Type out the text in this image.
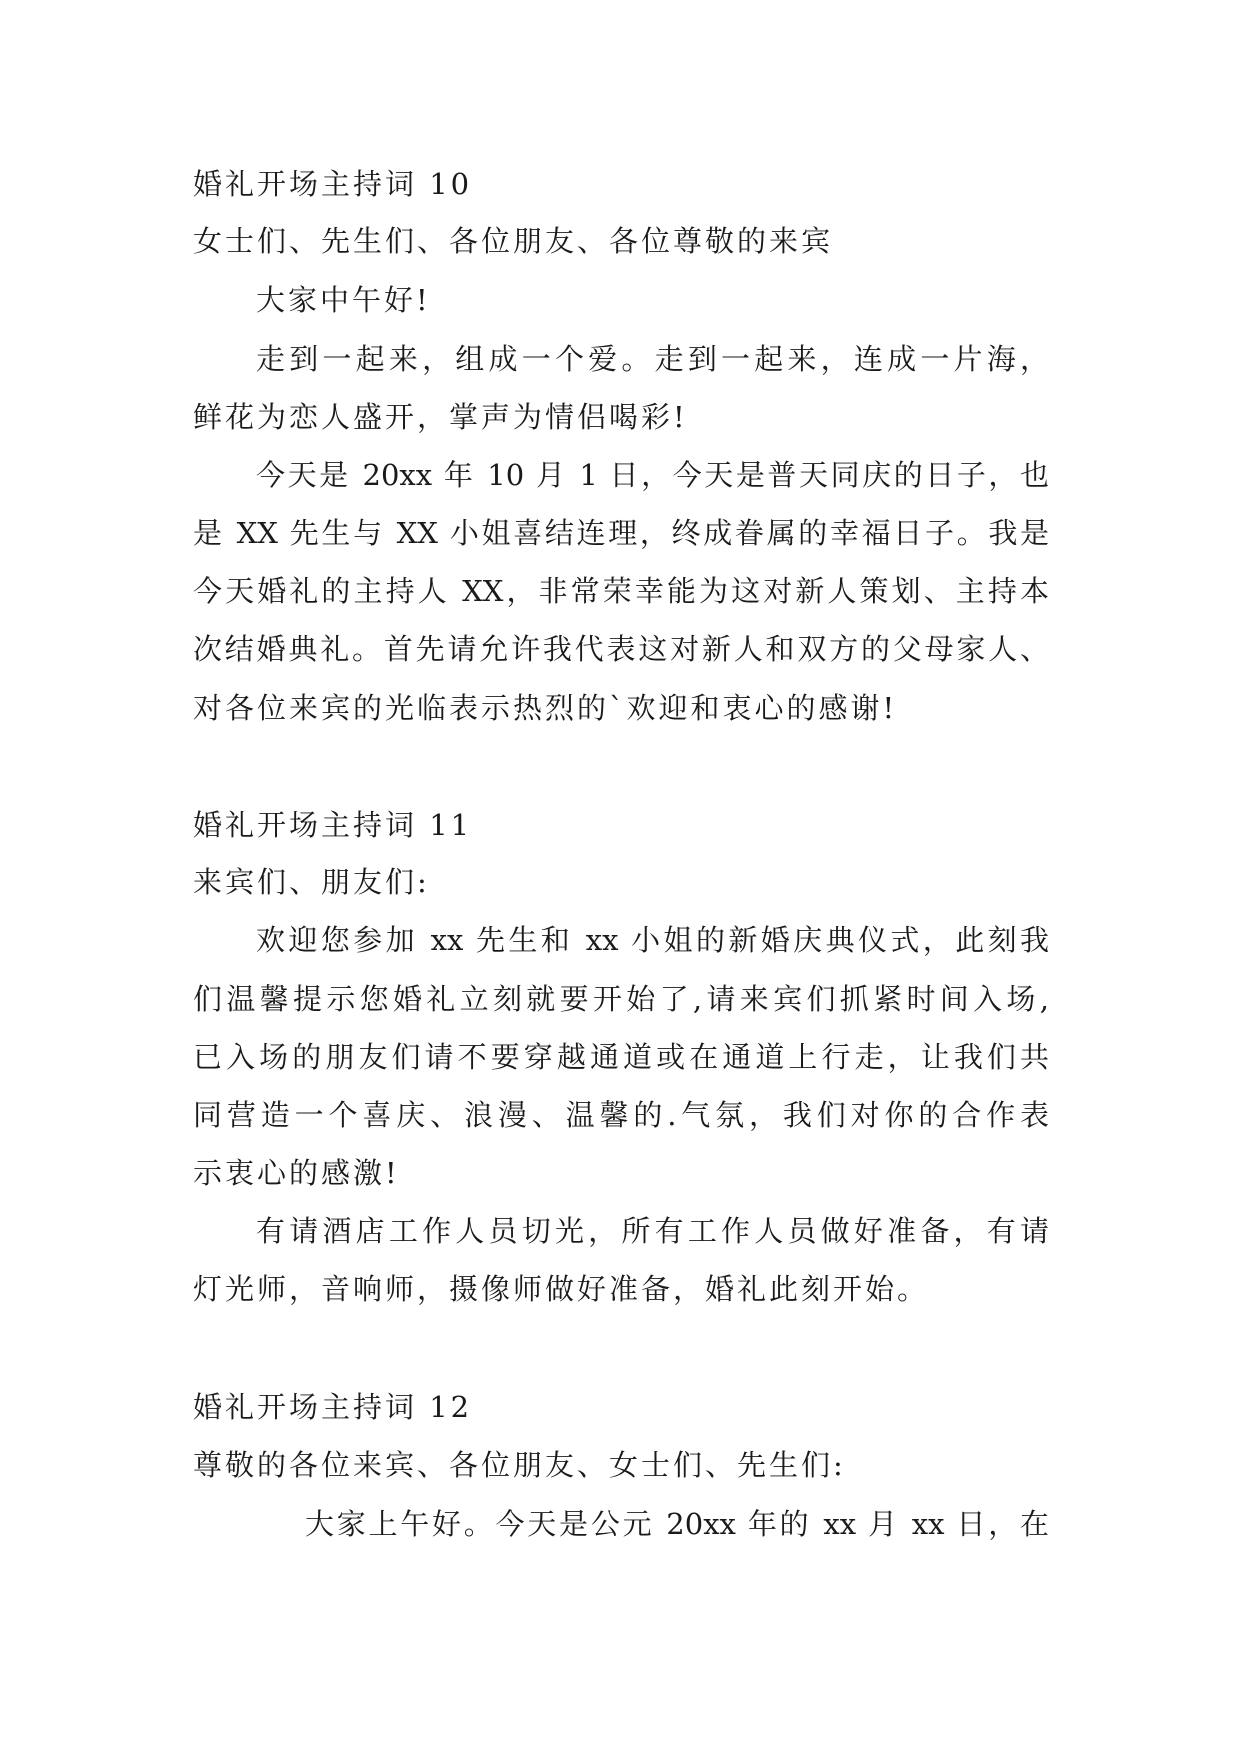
婚礼开场主持词 10
女士们、先生们、各位朋友、各位尊敬的来宾
大家中午好!
走到一起来，组成一个爱。走到一起来，连成一片海，
鲜花为恋人盛开，掌声为情侣喝彩!
今天是 20xx 年 10 月 1 日，今天是普天同庆的日子，也
是 XX 先生与 XX 小姐喜结连理，终成眷属的幸福日子。我是
今天婚礼的主持人 XX，非常荣幸能为这对新人策划、主持本
次结婚典礼。首先请允许我代表这对新人和双方的父母家人、
对各位来宾的光临表示热烈的`欢迎和衷心的感谢!
婚礼开场主持词 11
来宾们、朋友们:
欢迎您参加 xx 先生和 xx 小姐的新婚庆典仪式，此刻我
们温馨提示您婚礼立刻就要开始了,请来宾们抓紧时间入场,
已入场的朋友们请不要穿越通道或在通道上行走，让我们共
同营造一个喜庆、浪漫、温馨的.气氛，我们对你的合作表
示衷心的感激!
有请酒店工作人员切光，所有工作人员做好准备，有请
灯光师，音响师，摄像师做好准备，婚礼此刻开始。
婚礼开场主持词 12
尊敬的各位来宾、各位朋友、女士们、先生们:
大家上午好。今天是公元 20xx 年的 xx 月 xx 日，在
